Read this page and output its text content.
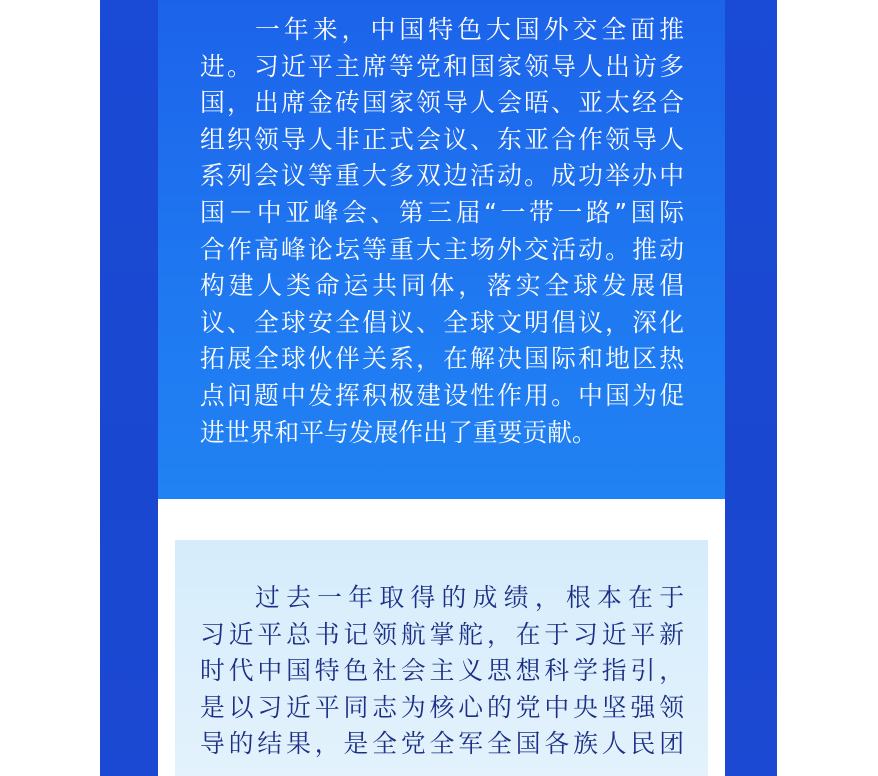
一年来，中国特色大国外交全面推
进。习近平主席等党和国家领导人出访多
国，出席金砖国家领导人会晤、亚太经合
组织领导人非正式会议、东亚合作领导人
系列会议等重大多双边活动。成功举办中
国－中亚峰会、第三届“一带一路”国际
合作高峰论坛等重大主场外交活动。推动
构建人类命运共同体，落实全球发展倡
议、全球安全倡议、全球文明倡议，深化
拓展全球伙伴关系，在解决国际和地区热
点问题中发挥积极建设性作用。中国为促
进世界和平与发展作出了重要贡献。
过去一年取得的成绩，根本在于
习近平总书记领航掌舵，在于习近平新
时代中国特色社会主义思想科学指引，
是以习近平同志为核心的党中央坚强领
导的结果，是全党全军全国各族人民团
